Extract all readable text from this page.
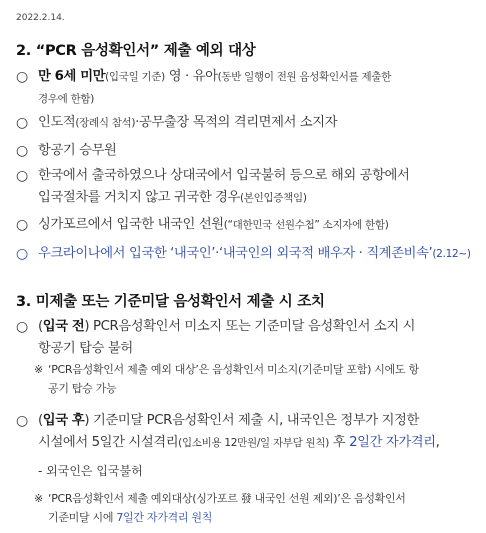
2022.2.14.
2. “PCR 음성확인서” 제출 예외 대상
○ 만 6세 미만(입국일 기준) 영 · 유아(동반 일행이 전원 음성확인서를 제출한
경우에 한함)
○ 인도적(장례식 참석)·공무출장 목적의 격리면제서 소지자
○ 항공기 승무원
○ 한국에서 출국하였으나 상대국에서 입국불허 등으로 해외 공항에서
입국절차를 거치지 않고 귀국한 경우(본인입증책임)
○ 싱가포르에서 입국한 내국인 선원(“대한민국 선원수첩” 소지자에 한함)
○ 우크라이나에서 입국한 ‘내국인’·‘내국인의 외국적 배우자 · 직계존비속’(2.12~)
3. 미제출 또는 기준미달 음성확인서 제출 시 조치
○ (입국 전) PCR음성확인서 미소지 또는 기준미달 음성확인서 소지 시
항공기 탑승 불허
※ ‘PCR음성확인서 제출 예외 대상’은 음성확인서 미소지(기준미달 포함) 시에도 항
공기 탑승 가능
○ (입국 후) 기준미달 PCR음성확인서 제출 시, 내국인은 정부가 지정한
시설에서 5일간 시설격리(입소비용 12만원/일 자부담 원칙) 후 2일간 자가격리,
- 외국인은 입국불허
※ ‘PCR음성확인서 제출 예외대상(싱가포르 發 내국인 선원 제외)’은 음성확인서
기준미달 시에 7일간 자가격리 원칙
